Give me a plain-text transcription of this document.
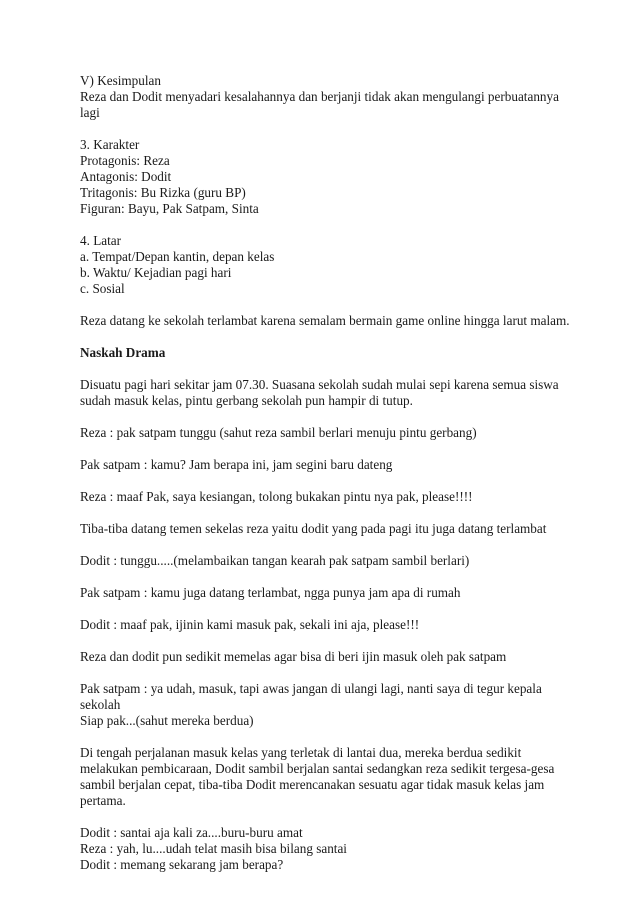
V) Kesimpulan
Reza dan Dodit menyadari kesalahannya dan berjanji tidak akan mengulangi perbuatannya
lagi
3. Karakter
Protagonis: Reza
Antagonis: Dodit
Tritagonis: Bu Rizka (guru BP)
Figuran: Bayu, Pak Satpam, Sinta
4. Latar
a. Tempat/Depan kantin, depan kelas
b. Waktu/ Kejadian pagi hari
c. Sosial
Reza datang ke sekolah terlambat karena semalam bermain game online hingga larut malam.
Naskah Drama
Disuatu pagi hari sekitar jam 07.30. Suasana sekolah sudah mulai sepi karena semua siswa
sudah masuk kelas, pintu gerbang sekolah pun hampir di tutup.
Reza : pak satpam tunggu (sahut reza sambil berlari menuju pintu gerbang)
Pak satpam : kamu? Jam berapa ini, jam segini baru dateng
Reza : maaf Pak, saya kesiangan, tolong bukakan pintu nya pak, please!!!!
Tiba-tiba datang temen sekelas reza yaitu dodit yang pada pagi itu juga datang terlambat
Dodit : tunggu.....(melambaikan tangan kearah pak satpam sambil berlari)
Pak satpam : kamu juga datang terlambat, ngga punya jam apa di rumah
Dodit : maaf pak, ijinin kami masuk pak, sekali ini aja, please!!!
Reza dan dodit pun sedikit memelas agar bisa di beri ijin masuk oleh pak satpam
Pak satpam : ya udah, masuk, tapi awas jangan di ulangi lagi, nanti saya di tegur kepala
sekolah
Siap pak...(sahut mereka berdua)
Di tengah perjalanan masuk kelas yang terletak di lantai dua, mereka berdua sedikit
melakukan pembicaraan, Dodit sambil berjalan santai sedangkan reza sedikit tergesa-gesa
sambil berjalan cepat, tiba-tiba Dodit merencanakan sesuatu agar tidak masuk kelas jam
pertama.
Dodit : santai aja kali za....buru-buru amat
Reza : yah, lu....udah telat masih bisa bilang santai
Dodit : memang sekarang jam berapa?
